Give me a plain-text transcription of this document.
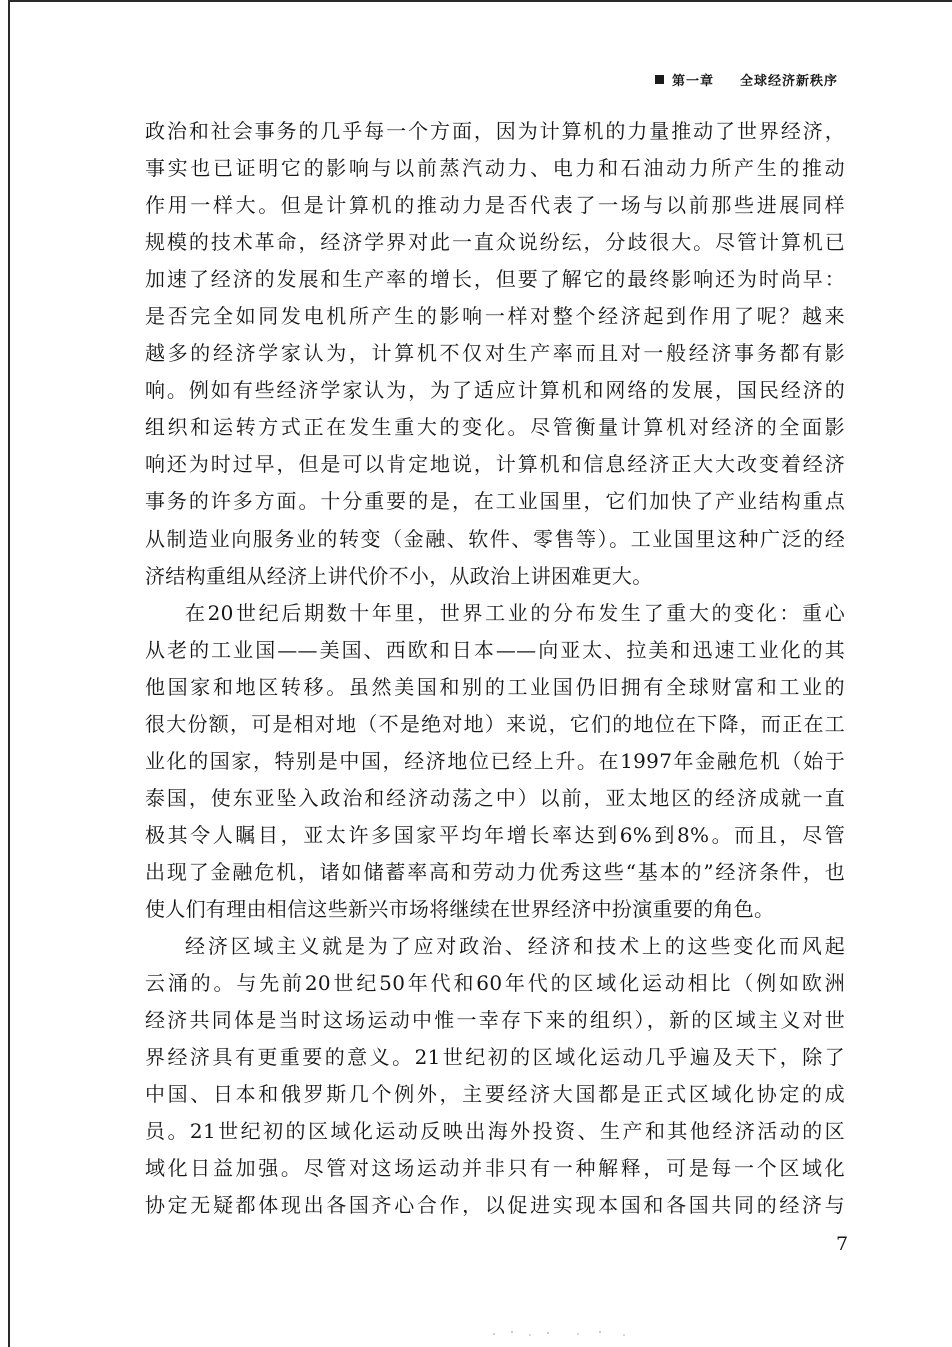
第一章 全球经济新秩序

政治和社会事务的几乎每一个方面，因为计算机的力量推动了世界经济，

事实也已证明它的影响与以前蒸汽动力、电力和石油动力所产生的推动

作用一样大。但是计算机的推动力是否代表了一场与以前那些进展同样

规模的技术革命，经济学界对此一直众说纷纭，分歧很大。尽管计算机已

加速了经济的发展和生产率的增长，但要了解它的最终影响还为时尚早：

是否完全如同发电机所产生的影响一样对整个经济起到作用了呢？越来

越多的经济学家认为，计算机不仅对生产率而且对一般经济事务都有影

响。例如有些经济学家认为，为了适应计算机和网络的发展，国民经济的

组织和运转方式正在发生重大的变化。尽管衡量计算机对经济的全面影

响还为时过早，但是可以肯定地说，计算机和信息经济正大大改变着经济

事务的许多方面。十分重要的是，在工业国里，它们加快了产业结构重点

从制造业向服务业的转变（金融、软件、零售等）。工业国里这种广泛的经

济结构重组从经济上讲代价不小，从政治上讲困难更大。

在20世纪后期数十年里，世界工业的分布发生了重大的变化：重心

从老的工业国——美国、西欧和日本——向亚太、拉美和迅速工业化的其

他国家和地区转移。虽然美国和别的工业国仍旧拥有全球财富和工业的

很大份额，可是相对地（不是绝对地）来说，它们的地位在下降，而正在工

业化的国家，特别是中国，经济地位已经上升。在1997年金融危机（始于

泰国，使东亚坠入政治和经济动荡之中）以前，亚太地区的经济成就一直

极其令人瞩目，亚太许多国家平均年增长率达到6%到8%。而且，尽管

出现了金融危机，诸如储蓄率高和劳动力优秀这些“基本的”经济条件，也

使人们有理由相信这些新兴市场将继续在世界经济中扮演重要的角色。

经济区域主义就是为了应对政治、经济和技术上的这些变化而风起

云涌的。与先前20世纪50年代和60年代的区域化运动相比（例如欧洲

经济共同体是当时这场运动中惟一幸存下来的组织），新的区域主义对世

界经济具有更重要的意义。21世纪初的区域化运动几乎遍及天下，除了

中国、日本和俄罗斯几个例外，主要经济大国都是正式区域化协定的成

员。21世纪初的区域化运动反映出海外投资、生产和其他经济活动的区

域化日益加强。尽管对这场运动并非只有一种解释，可是每一个区域化

协定无疑都体现出各国齐心合作，以促进实现本国和各国共同的经济与

7
